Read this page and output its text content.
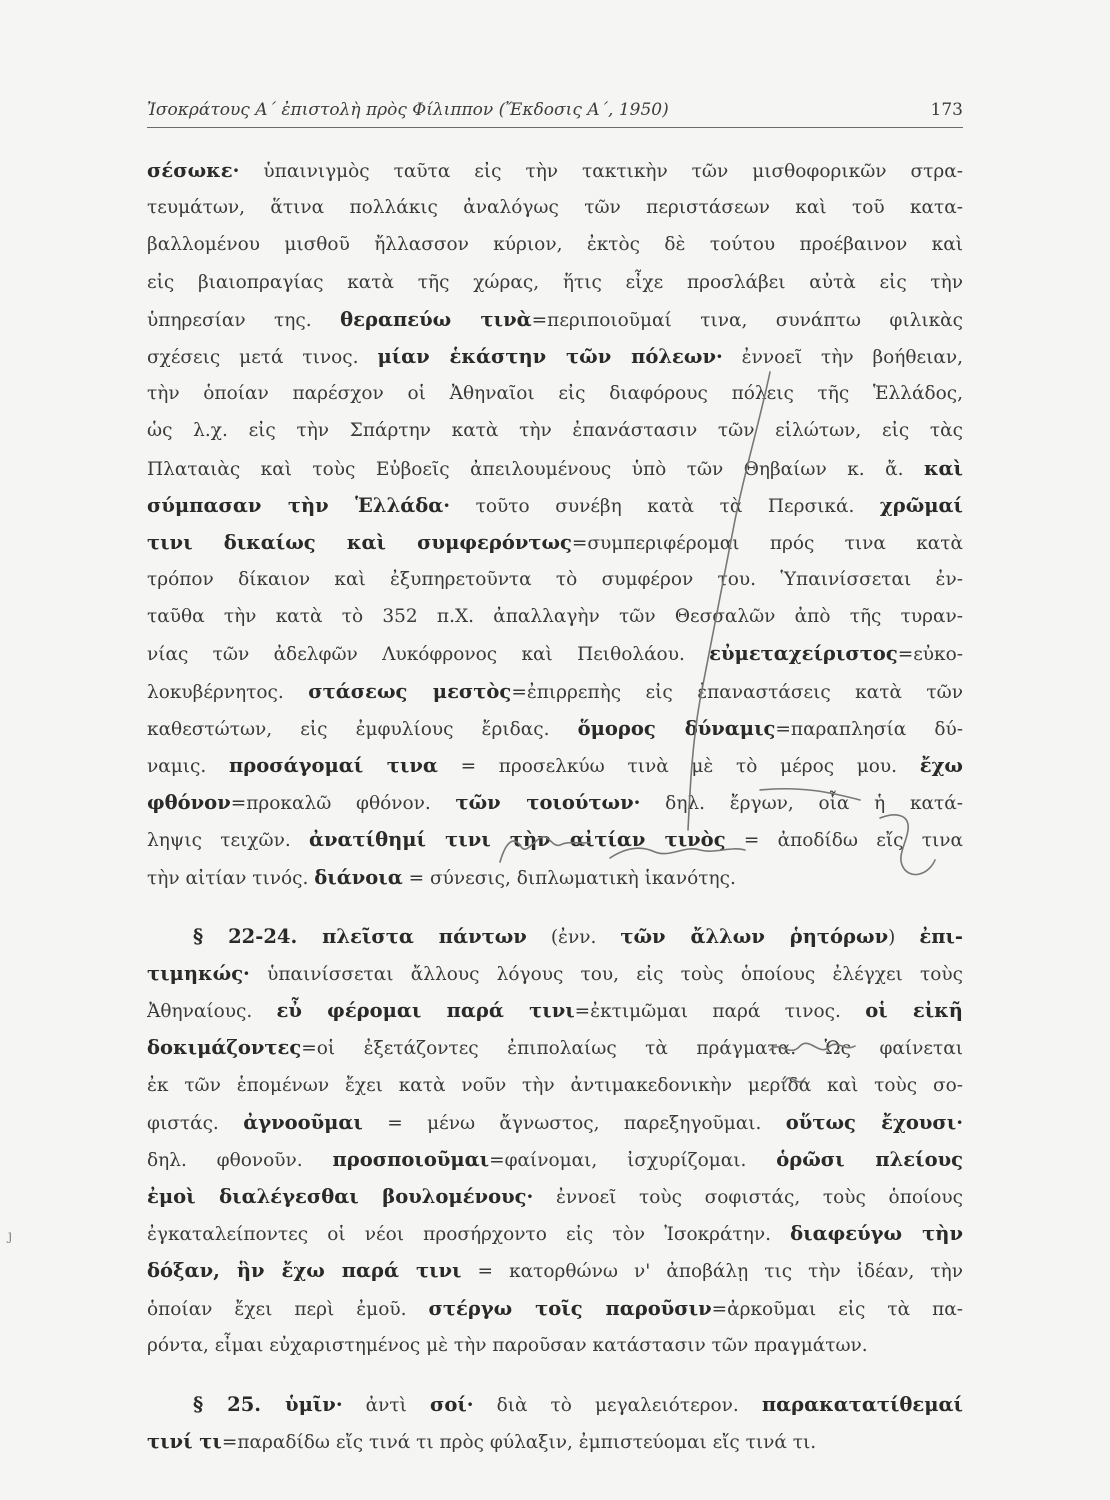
Ἰσοκράτους Α΄ ἐπιστολὴ πρὸς Φίλιππον (Ἔκδοσις Α΄, 1950)	173
σέσωκε· ὑπαινιγμὸς ταῦτα εἰς τὴν τακτικὴν τῶν μισθοφορικῶν στρα-
τευμάτων, ἅτινα πολλάκις ἀναλόγως τῶν περιστάσεων καὶ τοῦ κατα-
βαλλομένου μισθοῦ ἤλλασσον κύριον, ἐκτὸς δὲ τούτου προέβαινον καὶ
εἰς βιαιοπραγίας κατὰ τῆς χώρας, ἥτις εἶχε προσλάβει αὐτὰ εἰς τὴν
ὑπηρεσίαν της. θεραπεύω τινὰ=περιποιοῦμαί τινα, συνάπτω φιλικὰς
σχέσεις μετά τινος. μίαν ἑκάστην τῶν πόλεων· ἐννοεῖ τὴν βοήθειαν,
τὴν ὁποίαν παρέσχον οἱ Ἀθηναῖοι εἰς διαφόρους πόλεις τῆς Ἑλλάδος,
ὡς λ.χ. εἰς τὴν Σπάρτην κατὰ τὴν ἐπανάστασιν τῶν εἱλώτων, εἰς τὰς
Πλαταιὰς καὶ τοὺς Εὐβοεῖς ἀπειλουμένους ὑπὸ τῶν Θηβαίων κ. ἄ. καὶ
σύμπασαν τὴν Ἑλλάδα· τοῦτο συνέβη κατὰ τὰ Περσικά. χρῶμαί
τινι δικαίως καὶ συμφερόντως=συμπεριφέρομαι πρός τινα κατὰ
τρόπον δίκαιον καὶ ἐξυπηρετοῦντα τὸ συμφέρον του. Ὑπαινίσσεται ἐν-
ταῦθα τὴν κατὰ τὸ 352 π.Χ. ἀπαλλαγὴν τῶν Θεσσαλῶν ἀπὸ τῆς τυραν-
νίας τῶν ἀδελφῶν Λυκόφρονος καὶ Πειθολάου. εὐμεταχείριστος=εὐκο-
λοκυβέρνητος. στάσεως μεστὸς=ἐπιρρεπὴς εἰς ἐπαναστάσεις κατὰ τῶν
καθεστώτων, εἰς ἐμφυλίους ἔριδας. ὅμορος δύναμις=παραπλησία δύ-
ναμις. προσάγομαί τινα = προσελκύω τινὰ μὲ τὸ μέρος μου. ἔχω
φθόνον=προκαλῶ φθόνον. τῶν τοιούτων· δηλ. ἔργων, οἷα ἡ κατά-
ληψις τειχῶν. ἀνατίθημί τινι τὴν αἰτίαν τινὸς = ἀποδίδω εἴς τινα
τὴν αἰτίαν τινός. διάνοια = σύνεσις, διπλωματικὴ ἱκανότης.
§ 22-24. πλεῖστα πάντων (ἐνν. τῶν ἄλλων ῥητόρων) ἐπι-
τιμηκώς· ὑπαινίσσεται ἄλλους λόγους του, εἰς τοὺς ὁποίους ἐλέγχει τοὺς
Ἀθηναίους. εὖ φέρομαι παρά τινι=ἐκτιμῶμαι παρά τινος. οἱ εἰκῆ
δοκιμάζοντες=οἱ ἐξετάζοντες ἐπιπολαίως τὰ πράγματα. Ὡς φαίνεται
ἐκ τῶν ἑπομένων ἔχει κατὰ νοῦν τὴν ἀντιμακεδονικὴν μερίδα καὶ τοὺς σο-
φιστάς. ἀγνοοῦμαι = μένω ἄγνωστος, παρεξηγοῦμαι. οὕτως ἔχουσι·
δηλ. φθονοῦν. προσποιοῦμαι=φαίνομαι, ἰσχυρίζομαι. ὁρῶσι πλείους
ἐμοὶ διαλέγεσθαι βουλομένους· ἐννοεῖ τοὺς σοφιστάς, τοὺς ὁποίους
ἐγκαταλείποντες οἱ νέοι προσήρχοντο εἰς τὸν Ἰσοκράτην. διαφεύγω τὴν
δόξαν, ἣν ἔχω παρά τινι = κατορθώνω ν' ἀποβάλῃ τις τὴν ἰδέαν, τὴν
ὁποίαν ἔχει περὶ ἐμοῦ. στέργω τοῖς παροῦσιν=ἀρκοῦμαι εἰς τὰ πα-
ρόντα, εἶμαι εὐχαριστημένος μὲ τὴν παροῦσαν κατάστασιν τῶν πραγμάτων.
§ 25. ὑμῖν· ἀντὶ σοί· διὰ τὸ μεγαλειότερον. παρακατατίθεμαί
τινί τι=παραδίδω εἴς τινά τι πρὸς φύλαξιν, ἐμπιστεύομαι εἴς τινά τι.
ȷ
